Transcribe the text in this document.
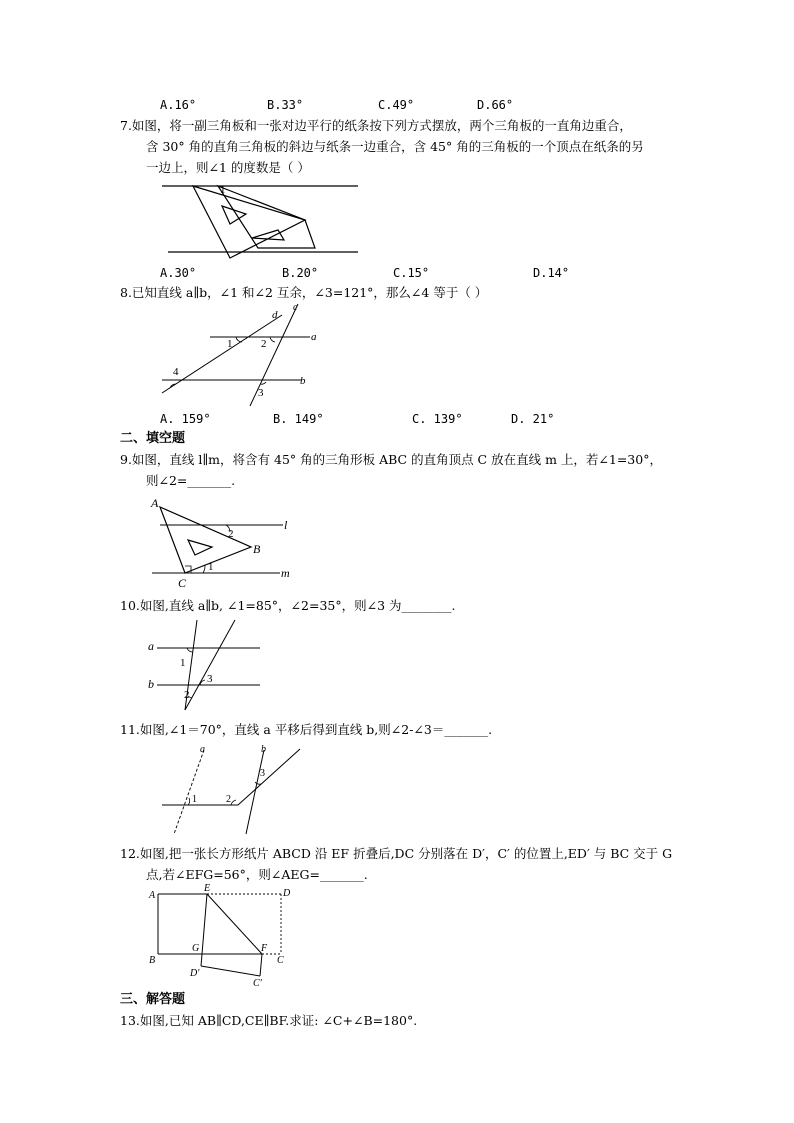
A.16°	B.33°	C.49°	D.66°
7.如图，将一副三角板和一张对边平行的纸条按下列方式摆放，两个三角板的一直角边重合，
含 30° 角的直角三角板的斜边与纸条一边重合，含 45° 角的三角板的一个顶点在纸条的另
一边上，则∠1 的度数是（ ）
1
A.30°	B.20°	C.15°	D.14°
8.已知直线 a∥b，∠1 和∠2 互余，∠3=121°，那么∠4 等于（ ）
c
d
a
b
1	2
3
4
A. 159°	B. 149°	C. 139°	D. 21°
二、填空题
9.如图，直线 l∥m，将含有 45° 角的三角形板 ABC 的直角顶点 C 放在直线 m 上，若∠1=30°，
则∠2=_______.
A
B
C
l
m
1
2
10.如图,直线 a∥b, ∠1=85°，∠2=35°，则∠3 为________.
a
b
1
2
3
11.如图,∠1＝70°，直线 a 平移后得到直线 b,则∠2-∠3＝_______.
a	b
1	2
3
12.如图,把一张长方形纸片 ABCD 沿 EF 折叠后,DC 分别落在 D′，C′ 的位置上,ED′ 与 BC 交于 G
点,若∠EFG=56°，则∠AEG=_______.
A
E	D
B
G	F
C
D′
C′
三、解答题
13.如图,已知 AB∥CD,CE∥BF.求证: ∠C+∠B=180°.
